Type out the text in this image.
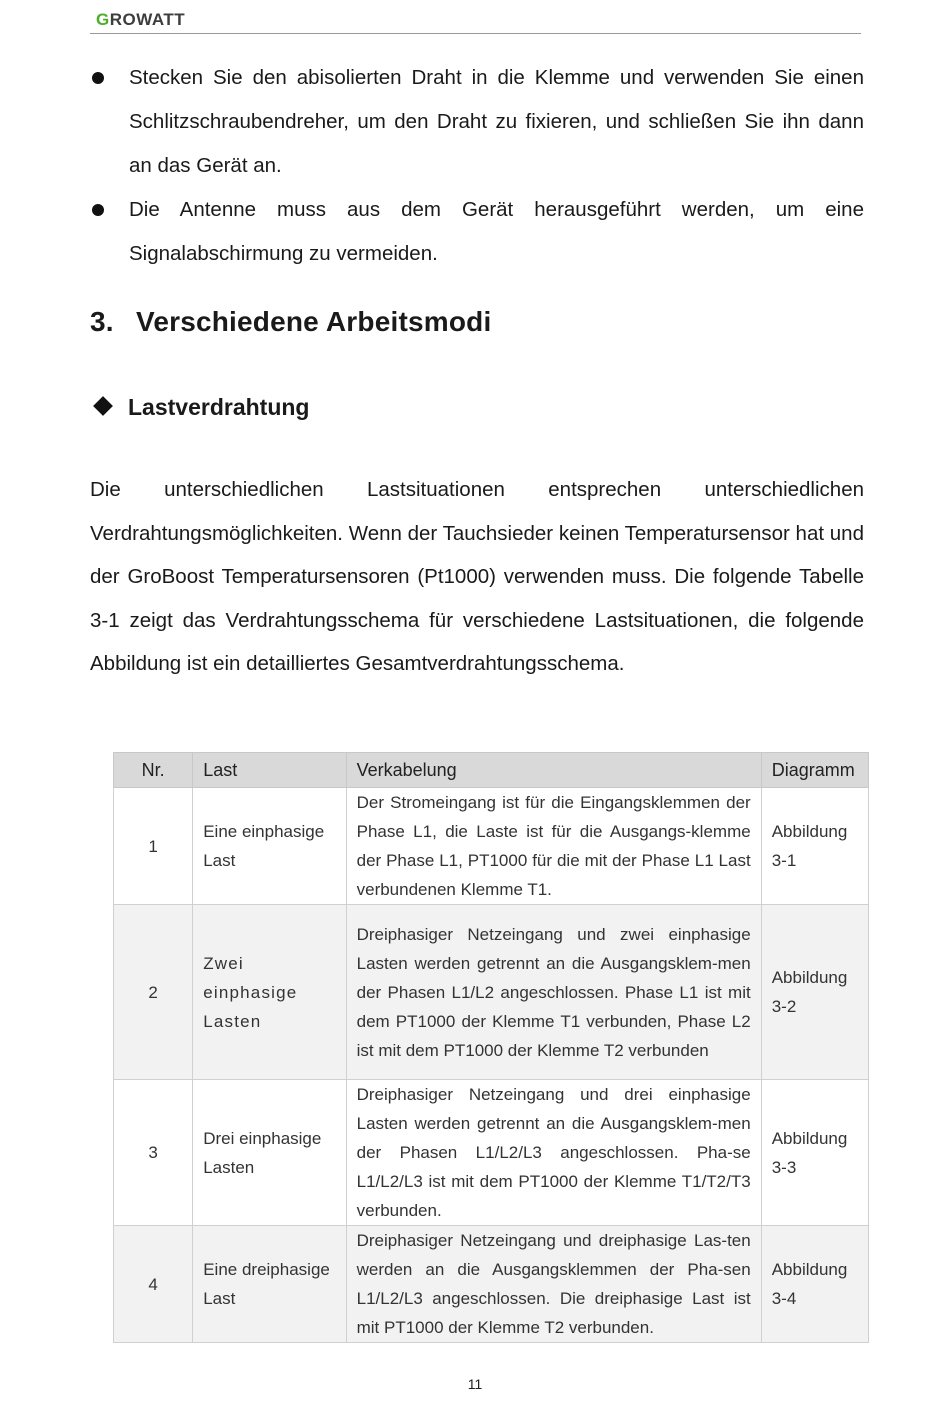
GROWATT
Stecken Sie den abisolierten Draht in die Klemme und verwenden Sie einen Schlitzschraubendreher, um den Draht zu fixieren, und schließen Sie ihn dann an das Gerät an.
Die Antenne muss aus dem Gerät herausgeführt werden, um eine Signalabschirmung zu vermeiden.
3. Verschiedene Arbeitsmodi
Lastverdrahtung
Die unterschiedlichen Lastsituationen entsprechen unterschiedlichen Verdrahtungsmöglichkeiten. Wenn der Tauchsieder keinen Temperatursensor hat und der GroBoost Temperatursensoren (Pt1000) verwenden muss. Die folgende Tabelle 3-1 zeigt das Verdrahtungsschema für verschiedene Lastsituationen, die folgende Abbildung ist ein detailliertes Gesamtverdrahtungsschema.
Nr.	Last	Verkabelung	Diagramm
1	Eine einphasige Last	Der Stromeingang ist für die Eingangsklemmen der Phase L1, die Laste ist für die Ausgangs-klemme der Phase L1, PT1000 für die mit der Phase L1 Last verbundenen Klemme T1.	Abbildung 3-1
2	Zwei einphasige Lasten	Dreiphasiger Netzeingang und zwei einphasige Lasten werden getrennt an die Ausgangsklem-men der Phasen L1/L2 angeschlossen. Phase L1 ist mit dem PT1000 der Klemme T1 verbunden, Phase L2 ist mit dem PT1000 der Klemme T2 verbunden	Abbildung 3-2
3	Drei einphasige Lasten	Dreiphasiger Netzeingang und drei einphasige Lasten werden getrennt an die Ausgangsklem-men der Phasen L1/L2/L3 angeschlossen. Pha-se L1/L2/L3 ist mit dem PT1000 der Klemme T1/T2/T3 verbunden.	Abbildung 3-3
4	Eine dreiphasige Last	Dreiphasiger Netzeingang und dreiphasige Las-ten werden an die Ausgangsklemmen der Pha-sen L1/L2/L3 angeschlossen. Die dreiphasige Last ist mit PT1000 der Klemme T2 verbunden.	Abbildung 3-4
11
